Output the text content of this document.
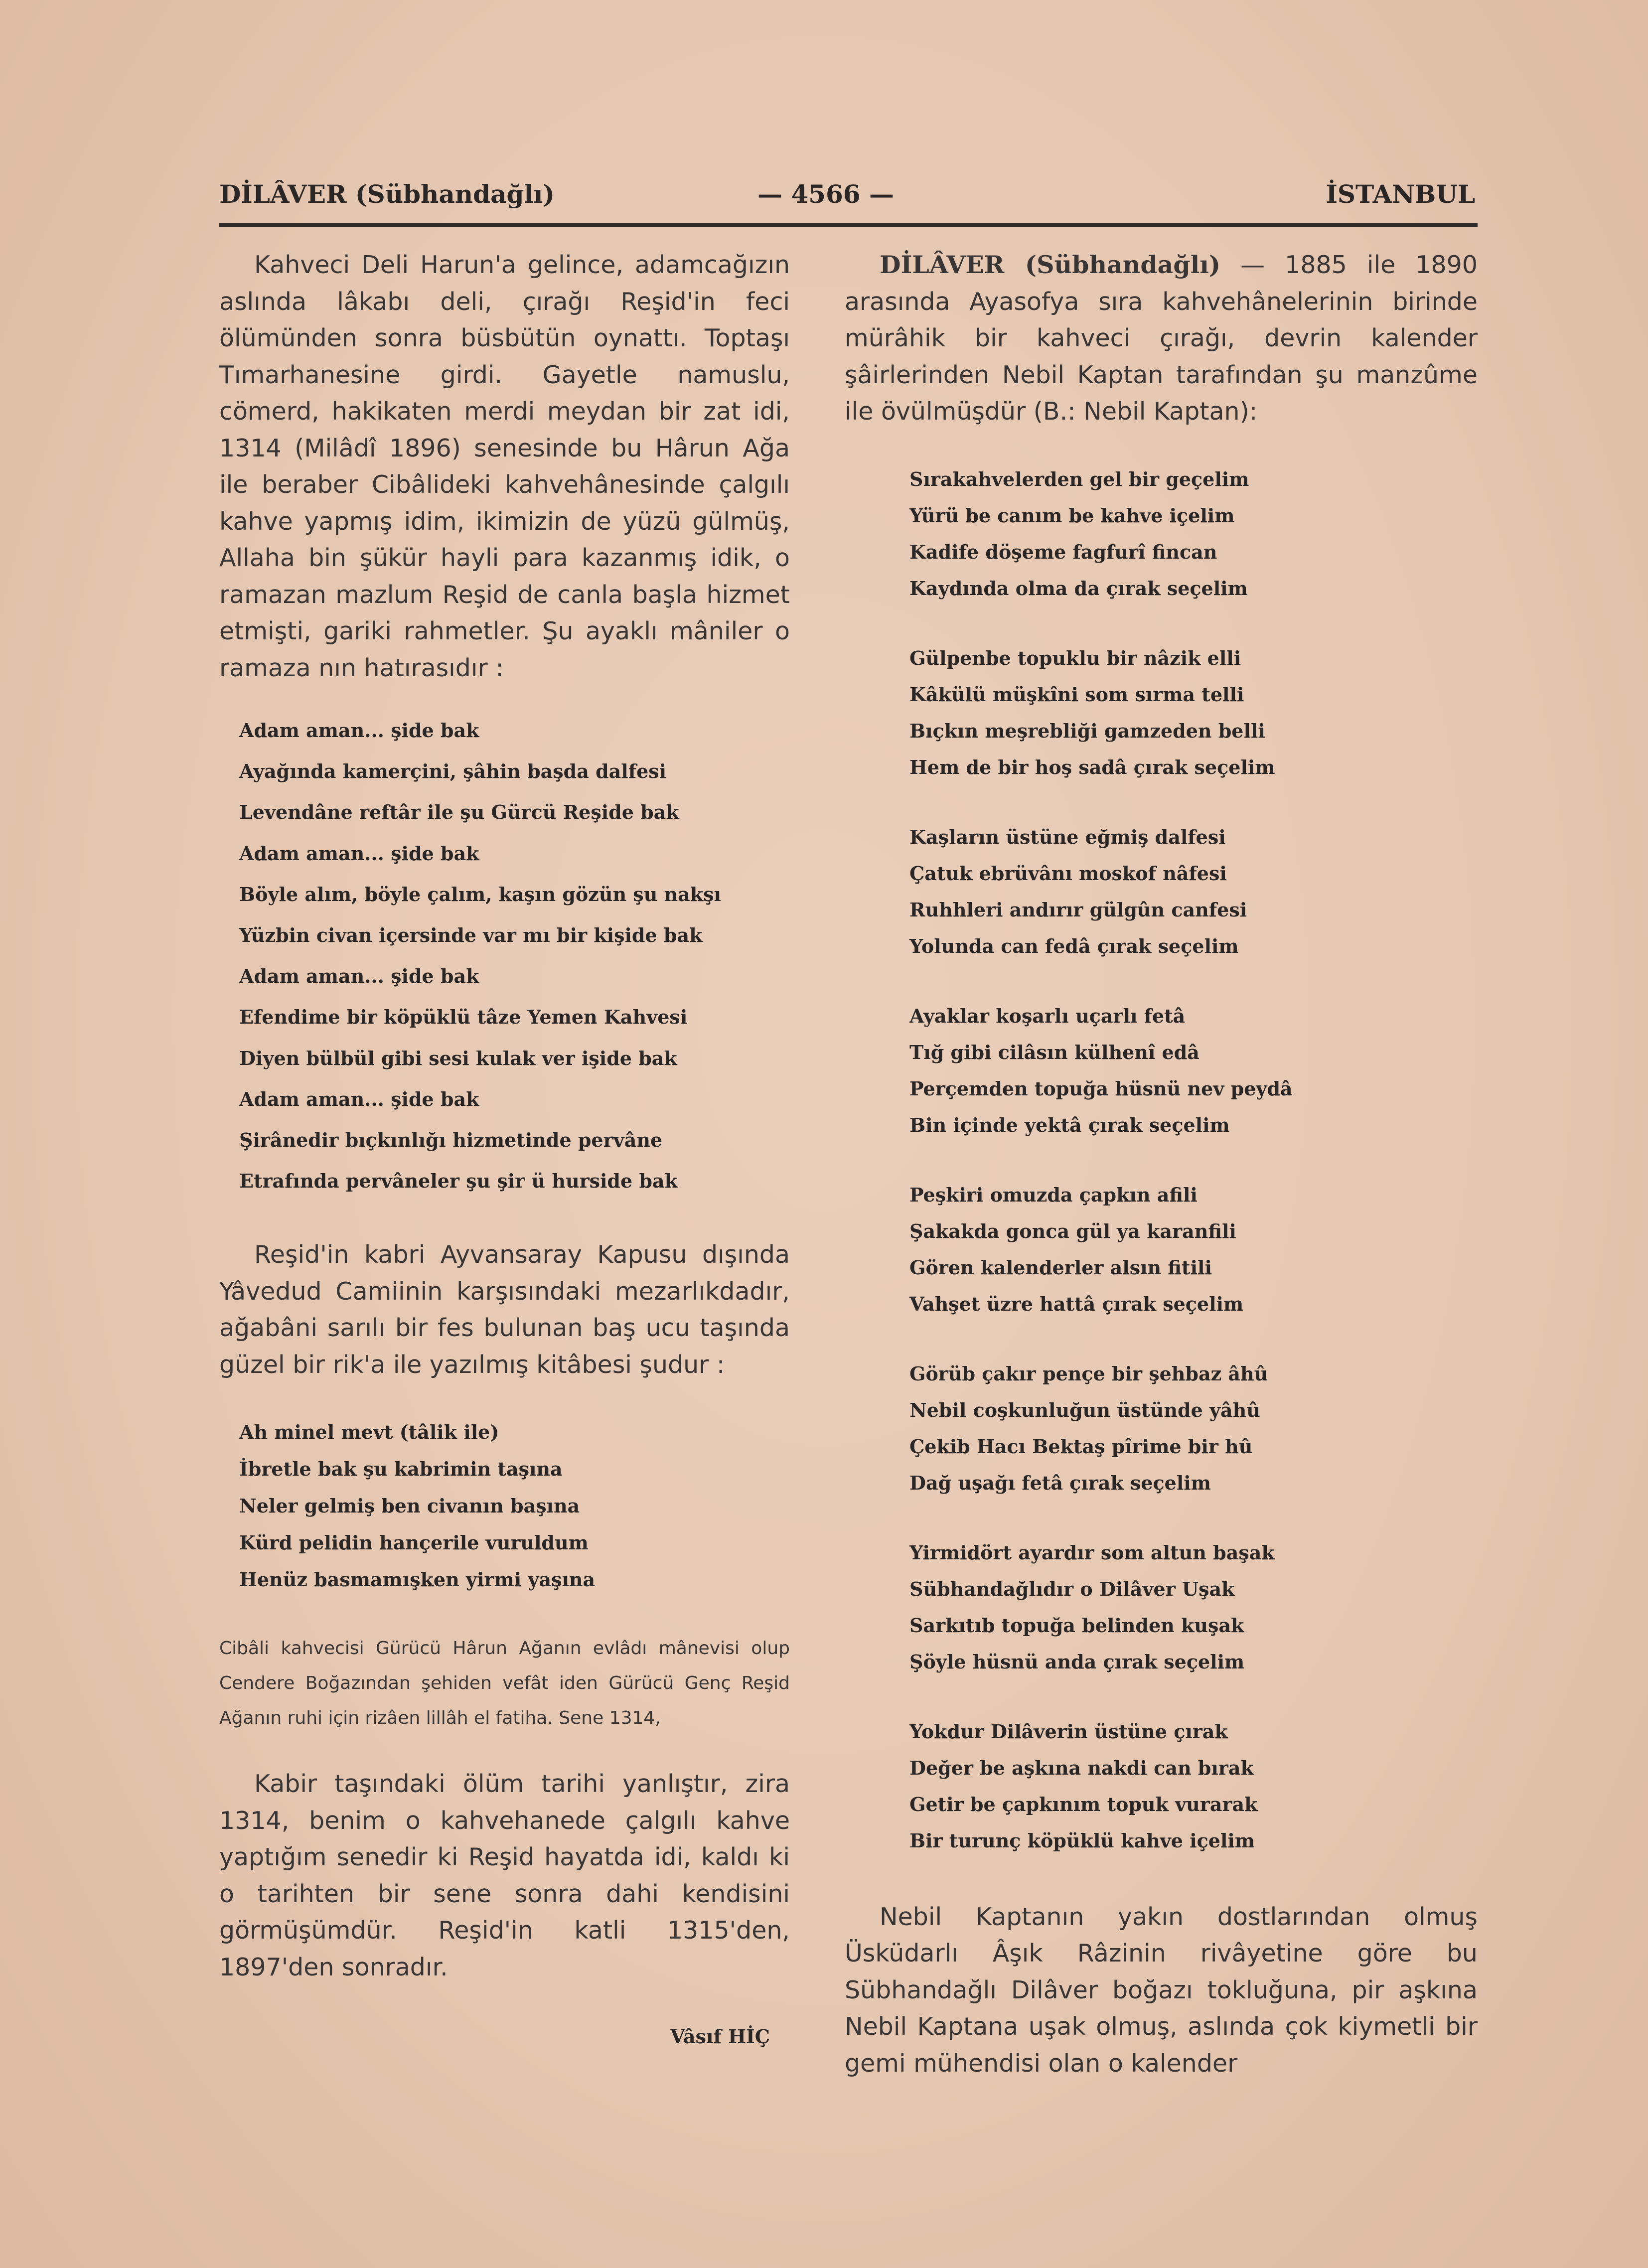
DİLÂVER (Sübhandağlı)	— 4566 —	İSTANBUL

Kahveci Deli Harun'a gelince, adamcağızın aslında lâkabı deli, çırağı Reşid'in feci ölümünden sonra büsbütün oynattı. Toptaşı Tımarhanesine girdi. Gayetle namuslu, cömerd, hakikaten merdi meydan bir zat idi, 1314 (Milâdî 1896) senesinde bu Hârun Ağa ile beraber Cibâlideki kahvehânesinde çalgılı kahve yapmış idim, ikimizin de yüzü gülmüş, Allaha bin şükür hayli para kazanmış idik, o ramazan mazlum Reşid de canla başla hizmet etmişti, gariki rahmetler. Şu ayaklı mâniler o ramaza nın hatırasıdır :

Adam aman... şide bak
Ayağında kamerçini, şâhin başda dalfesi
Levendâne reftâr ile şu Gürcü Reşide bak
Adam aman... şide bak
Böyle alım, böyle çalım, kaşın gözün şu nakşı
Yüzbin civan içersinde var mı bir kişide bak
Adam aman... şide bak
Efendime bir köpüklü tâze Yemen Kahvesi
Diyen bülbül gibi sesi kulak ver işide bak
Adam aman... şide bak
Şirânedir bıçkınlığı hizmetinde pervâne
Etrafında pervâneler şu şir ü hurside bak

Reşid'in kabri Ayvansaray Kapusu dışında Yâvedud Camiinin karşısındaki mezarlıkdadır, ağabâni sarılı bir fes bulunan baş ucu taşında güzel bir rik'a ile yazılmış kitâbesi şudur :

Ah minel mevt (tâlik ile)
İbretle bak şu kabrimin taşına
Neler gelmiş ben civanın başına
Kürd pelidin hançerile vuruldum
Henüz basmamışken yirmi yaşına

Cibâli kahvecisi Gürücü Hârun Ağanın evlâdı mânevisi olup Cendere Boğazından şehiden vefât iden Gürücü Genç Reşid Ağanın ruhi için rizâen lillâh el fatiha. Sene 1314,

Kabir taşındaki ölüm tarihi yanlıştır, zira 1314, benim o kahvehanede çalgılı kahve yaptığım senedir ki Reşid hayatda idi, kaldı ki o tarihten bir sene sonra dahi kendisini görmüşümdür. Reşid'in katli 1315'den, 1897'den sonradır.

Vâsıf HİÇ

DİLÂVER (Sübhandağlı) — 1885 ile 1890 arasında Ayasofya sıra kahvehânelerinin birinde mürâhik bir kahveci çırağı, devrin kalender şâirlerinden Nebil Kaptan tarafından şu manzûme ile övülmüşdür (B.: Nebil Kaptan):

Sırakahvelerden gel bir geçelim
Yürü be canım be kahve içelim
Kadife döşeme fagfurî fincan
Kaydında olma da çırak seçelim
Gülpenbe topuklu bir nâzik elli
Kâkülü müşkîni som sırma telli
Bıçkın meşrebliği gamzeden belli
Hem de bir hoş sadâ çırak seçelim
Kaşların üstüne eğmiş dalfesi
Çatuk ebrüvânı moskof nâfesi
Ruhhleri andırır gülgûn canfesi
Yolunda can fedâ çırak seçelim
Ayaklar koşarlı uçarlı fetâ
Tığ gibi cilâsın külhenî edâ
Perçemden topuğa hüsnü nev peydâ
Bin içinde yektâ çırak seçelim
Peşkiri omuzda çapkın afili
Şakakda gonca gül ya karanfili
Gören kalenderler alsın fitili
Vahşet üzre hattâ çırak seçelim
Görüb çakır pençe bir şehbaz âhû
Nebil coşkunluğun üstünde yâhû
Çekib Hacı Bektaş pîrime bir hû
Dağ uşağı fetâ çırak seçelim
Yirmidört ayardır som altun başak
Sübhandağlıdır o Dilâver Uşak
Sarkıtıb topuğa belinden kuşak
Şöyle hüsnü anda çırak seçelim
Yokdur Dilâverin üstüne çırak
Değer be aşkına nakdi can bırak
Getir be çapkınım topuk vurarak
Bir turunç köpüklü kahve içelim

Nebil Kaptanın yakın dostlarından olmuş Üsküdarlı Âşık Râzinin rivâyetine göre bu Sübhandağlı Dilâver boğazı tokluğuna, pir aşkına Nebil Kaptana uşak olmuş, aslında çok kiymetli bir gemi mühendisi olan o kalender
